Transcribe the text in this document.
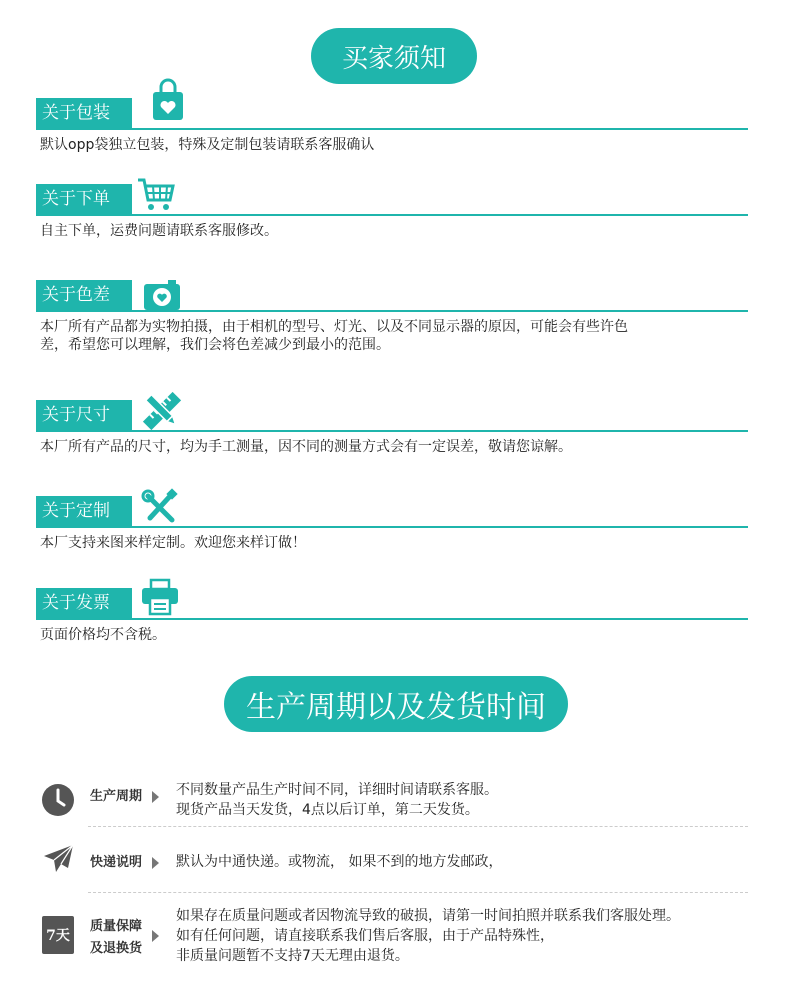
买家须知
关于包装
默认opp袋独立包装，特殊及定制包装请联系客服确认
关于下单
自主下单，运费问题请联系客服修改。
关于色差
本厂所有产品都为实物拍摄，由于相机的型号、灯光、以及不同显示器的原因，可能会有些许色
差，希望您可以理解，我们会将色差减少到最小的范围。
关于尺寸
本厂所有产品的尺寸，均为手工测量，因不同的测量方式会有一定误差，敬请您谅解。
关于定制
本厂支持来图来样定制。欢迎您来样订做！
关于发票
页面价格均不含税。
生产周期以及发货时间
生产周期 不同数量产品生产时间不同，详细时间请联系客服。
现货产品当天发货，4点以后订单，第二天发货。
快递说明 默认为中通快递。或物流， 如果不到的地方发邮政，
7天
质量保障
及退换货
如果存在质量问题或者因物流导致的破损，请第一时间拍照并联系我们客服处理。
如有任何问题，请直接联系我们售后客服，由于产品特殊性，
非质量问题暂不支持7天无理由退货。
